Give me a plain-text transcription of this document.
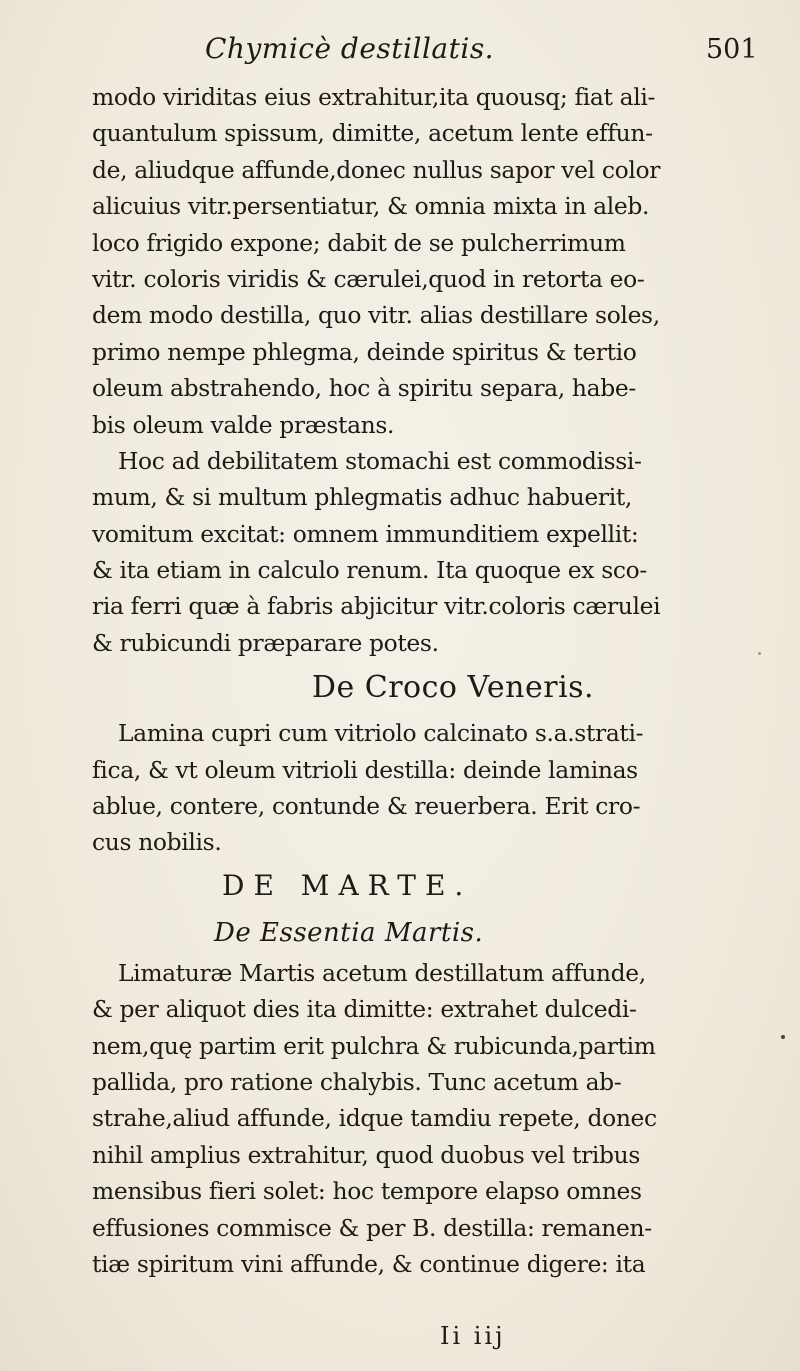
Chymicè destillatis.	501
modo viriditas eius extrahitur,ita quousq; fiat ali-
quantulum spissum, dimitte, acetum lente effun-
de, aliudque affunde,donec nullus sapor vel color
alicuius vitr.persentiatur, & omnia mixta in aleb.
loco frigido expone; dabit de se pulcherrimum
vitr. coloris viridis & cærulei,quod in retorta eo-
dem modo destilla, quo vitr. alias destillare soles,
primo nempe phlegma, deinde spiritus & tertio
oleum abstrahendo, hoc à spiritu separa, habe-
bis oleum valde præstans.
Hoc ad debilitatem stomachi est commodissi-
mum, & si multum phlegmatis adhuc habuerit,
vomitum excitat: omnem immunditiem expellit:
& ita etiam in calculo renum. Ita quoque ex sco-
ria ferri quæ à fabris abjicitur vitr.coloris cærulei
& rubicundi præparare potes.
De Croco Veneris.
Lamina cupri cum vitriolo calcinato s.a.strati-
fica, & vt oleum vitrioli destilla: deinde laminas
ablue, contere, contunde & reuerbera. Erit cro-
cus nobilis.
DE MARTE.
De Essentia Martis.
Limaturæ Martis acetum destillatum affunde,
& per aliquot dies ita dimitte: extrahet dulcedi-
nem,quę partim erit pulchra & rubicunda,partim
pallida, pro ratione chalybis. Tunc acetum ab-
strahe,aliud affunde, idque tamdiu repete, donec
nihil amplius extrahitur, quod duobus vel tribus
mensibus fieri solet: hoc tempore elapso omnes
effusiones commisce & per B. destilla: remanen-
tiæ spiritum vini affunde, & continue digere: ita
Ii iij
